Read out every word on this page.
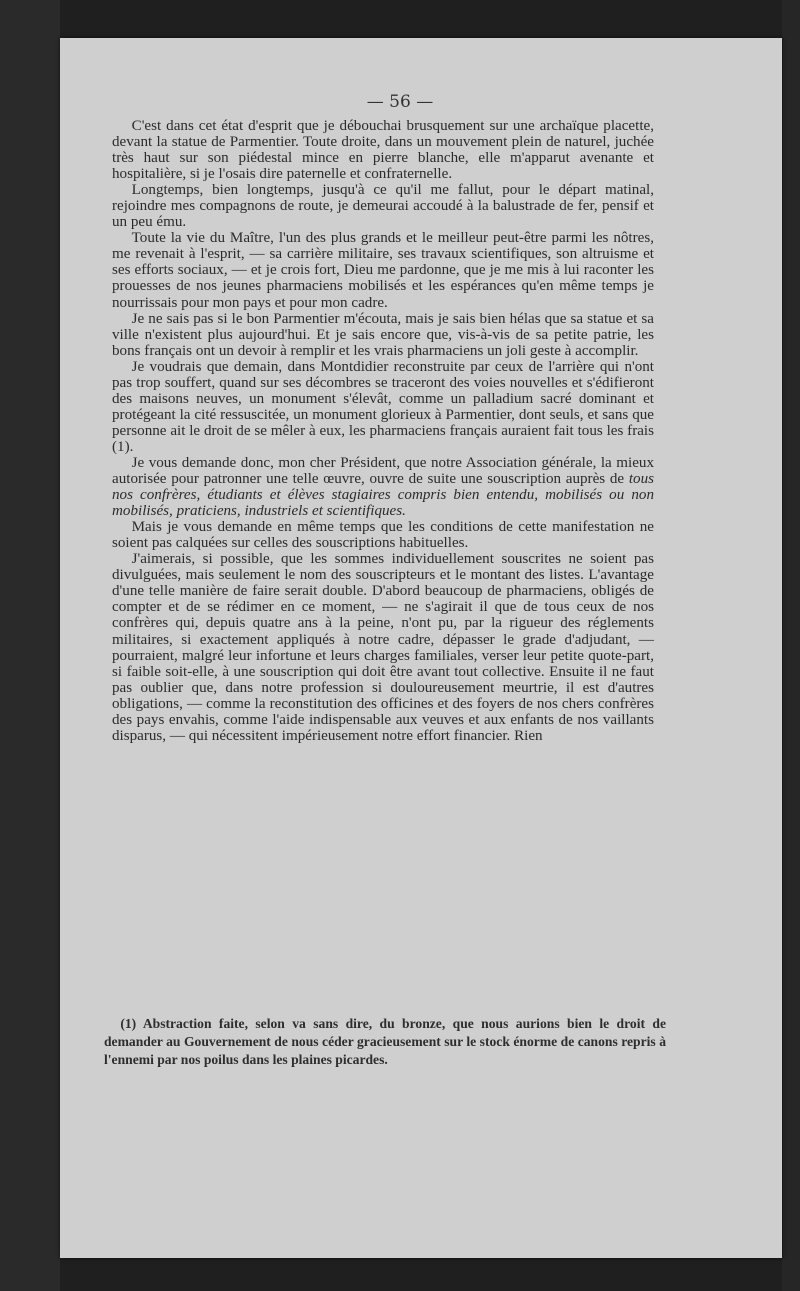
— 56 —

C'est dans cet état d'esprit que je débouchai brusquement sur une archaïque placette, devant la statue de Parmentier. Toute droite, dans un mouvement plein de naturel, juchée très haut sur son piédestal mince en pierre blanche, elle m'apparut avenante et hospitalière, si je l'osais dire paternelle et confraternelle.

Longtemps, bien longtemps, jusqu'à ce qu'il me fallut, pour le départ matinal, rejoindre mes compagnons de route, je demeurai accoudé à la balustrade de fer, pensif et un peu ému.

Toute la vie du Maître, l'un des plus grands et le meilleur peut-être parmi les nôtres, me revenait à l'esprit, — sa carrière militaire, ses travaux scientifiques, son altruisme et ses efforts sociaux, — et je crois fort, Dieu me pardonne, que je me mis à lui raconter les prouesses de nos jeunes pharmaciens mobilisés et les espérances qu'en même temps je nourrissais pour mon pays et pour mon cadre.

Je ne sais pas si le bon Parmentier m'écouta, mais je sais bien hélas que sa statue et sa ville n'existent plus aujourd'hui. Et je sais encore que, vis-à-vis de sa petite patrie, les bons français ont un devoir à remplir et les vrais pharmaciens un joli geste à accomplir.

Je voudrais que demain, dans Montdidier reconstruite par ceux de l'arrière qui n'ont pas trop souffert, quand sur ses décombres se traceront des voies nouvelles et s'édifieront des maisons neuves, un monument s'élevât, comme un palladium sacré dominant et protégeant la cité ressuscitée, un monument glorieux à Parmentier, dont seuls, et sans que personne ait le droit de se mêler à eux, les pharmaciens français auraient fait tous les frais (1).

Je vous demande donc, mon cher Président, que notre Association générale, la mieux autorisée pour patronner une telle œuvre, ouvre de suite une souscription auprès de tous nos confrères, étudiants et élèves stagiaires compris bien entendu, mobilisés ou non mobilisés, praticiens, industriels et scientifiques.

Mais je vous demande en même temps que les conditions de cette manifestation ne soient pas calquées sur celles des souscriptions habituelles.

J'aimerais, si possible, que les sommes individuellement souscrites ne soient pas divulguées, mais seulement le nom des souscripteurs et le montant des listes. L'avantage d'une telle manière de faire serait double. D'abord beaucoup de pharmaciens, obligés de compter et de se rédimer en ce moment, — ne s'agirait il que de tous ceux de nos confrères qui, depuis quatre ans à la peine, n'ont pu, par la rigueur des réglements militaires, si exactement appliqués à notre cadre, dépasser le grade d'adjudant, — pourraient, malgré leur infortune et leurs charges familiales, verser leur petite quote-part, si faible soit-elle, à une souscription qui doit être avant tout collective. Ensuite il ne faut pas oublier que, dans notre profession si douloureusement meurtrie, il est d'autres obligations, — comme la reconstitution des officines et des foyers de nos chers confrères des pays envahis, comme l'aide indispensable aux veuves et aux enfants de nos vaillants disparus, — qui nécessitent impérieusement notre effort financier. Rien

(1) Abstraction faite, selon va sans dire, du bronze, que nous aurions bien le droit de demander au Gouvernement de nous céder gracieusement sur le stock énorme de canons repris à l'ennemi par nos poilus dans les plaines picardes.
